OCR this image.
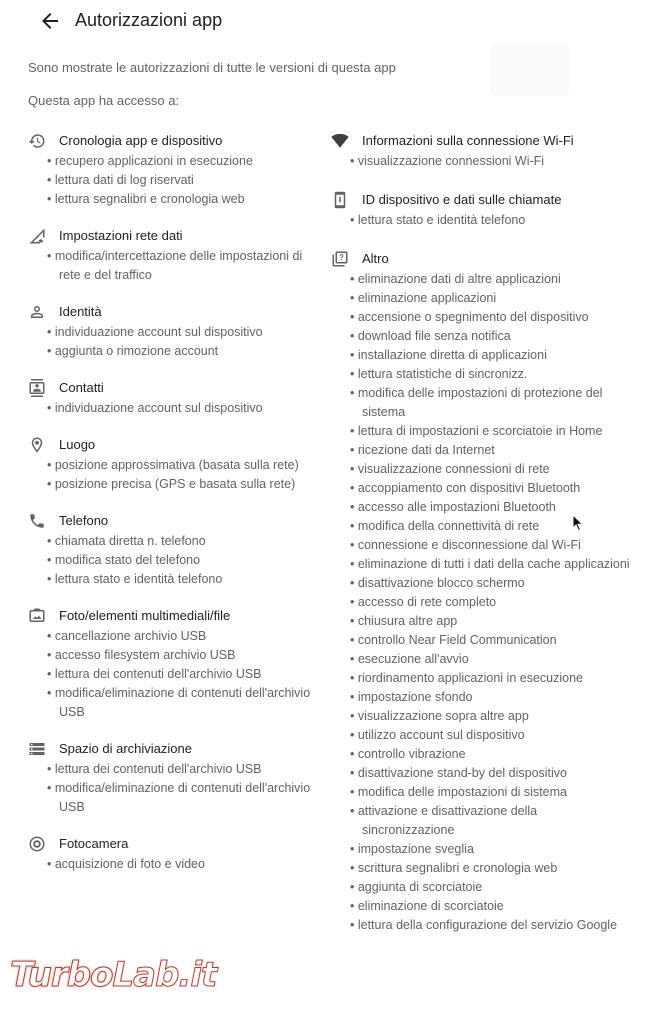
Autorizzazioni app
Sono mostrate le autorizzazioni di tutte le versioni di questa app
Questa app ha accesso a:
Cronologia app e dispositivo
• recupero applicazioni in esecuzione
• lettura dati di log riservati
• lettura segnalibri e cronologia web
Impostazioni rete dati
• modifica/intercettazione delle impostazioni di rete e del traffico
Identità
• individuazione account sul dispositivo
• aggiunta o rimozione account
Contatti
• individuazione account sul dispositivo
Luogo
• posizione approssimativa (basata sulla rete)
• posizione precisa (GPS e basata sulla rete)
Telefono
• chiamata diretta n. telefono
• modifica stato del telefono
• lettura stato e identità telefono
Foto/elementi multimediali/file
• cancellazione archivio USB
• accesso filesystem archivio USB
• lettura dei contenuti dell'archivio USB
• modifica/eliminazione di contenuti dell'archivio USB
Spazio di archiviazione
• lettura dei contenuti dell'archivio USB
• modifica/eliminazione di contenuti dell'archivio USB
Fotocamera
• acquisizione di foto e video
Informazioni sulla connessione Wi-Fi
• visualizzazione connessioni Wi-Fi
ID dispositivo e dati sulle chiamate
• lettura stato e identità telefono
Altro
• eliminazione dati di altre applicazioni
• eliminazione applicazioni
• accensione o spegnimento del dispositivo
• download file senza notifica
• installazione diretta di applicazioni
• lettura statistiche di sincronizz.
• modifica delle impostazioni di protezione del sistema
• lettura di impostazioni e scorciatoie in Home
• ricezione dati da Internet
• visualizzazione connessioni di rete
• accoppiamento con dispositivi Bluetooth
• accesso alle impostazioni Bluetooth
• modifica della connettività di rete
• connessione e disconnessione dal Wi-Fi
• eliminazione di tutti i dati della cache applicazioni
• disattivazione blocco schermo
• accesso di rete completo
• chiusura altre app
• controllo Near Field Communication
• esecuzione all'avvio
• riordinamento applicazioni in esecuzione
• impostazione sfondo
• visualizzazione sopra altre app
• utilizzo account sul dispositivo
• controllo vibrazione
• disattivazione stand-by del dispositivo
• modifica delle impostazioni di sistema
• attivazione e disattivazione della sincronizzazione
• impostazione sveglia
• scrittura segnalibri e cronologia web
• aggiunta di scorciatoie
• eliminazione di scorciatoie
• lettura della configurazione del servizio Google
TurboLab.it
